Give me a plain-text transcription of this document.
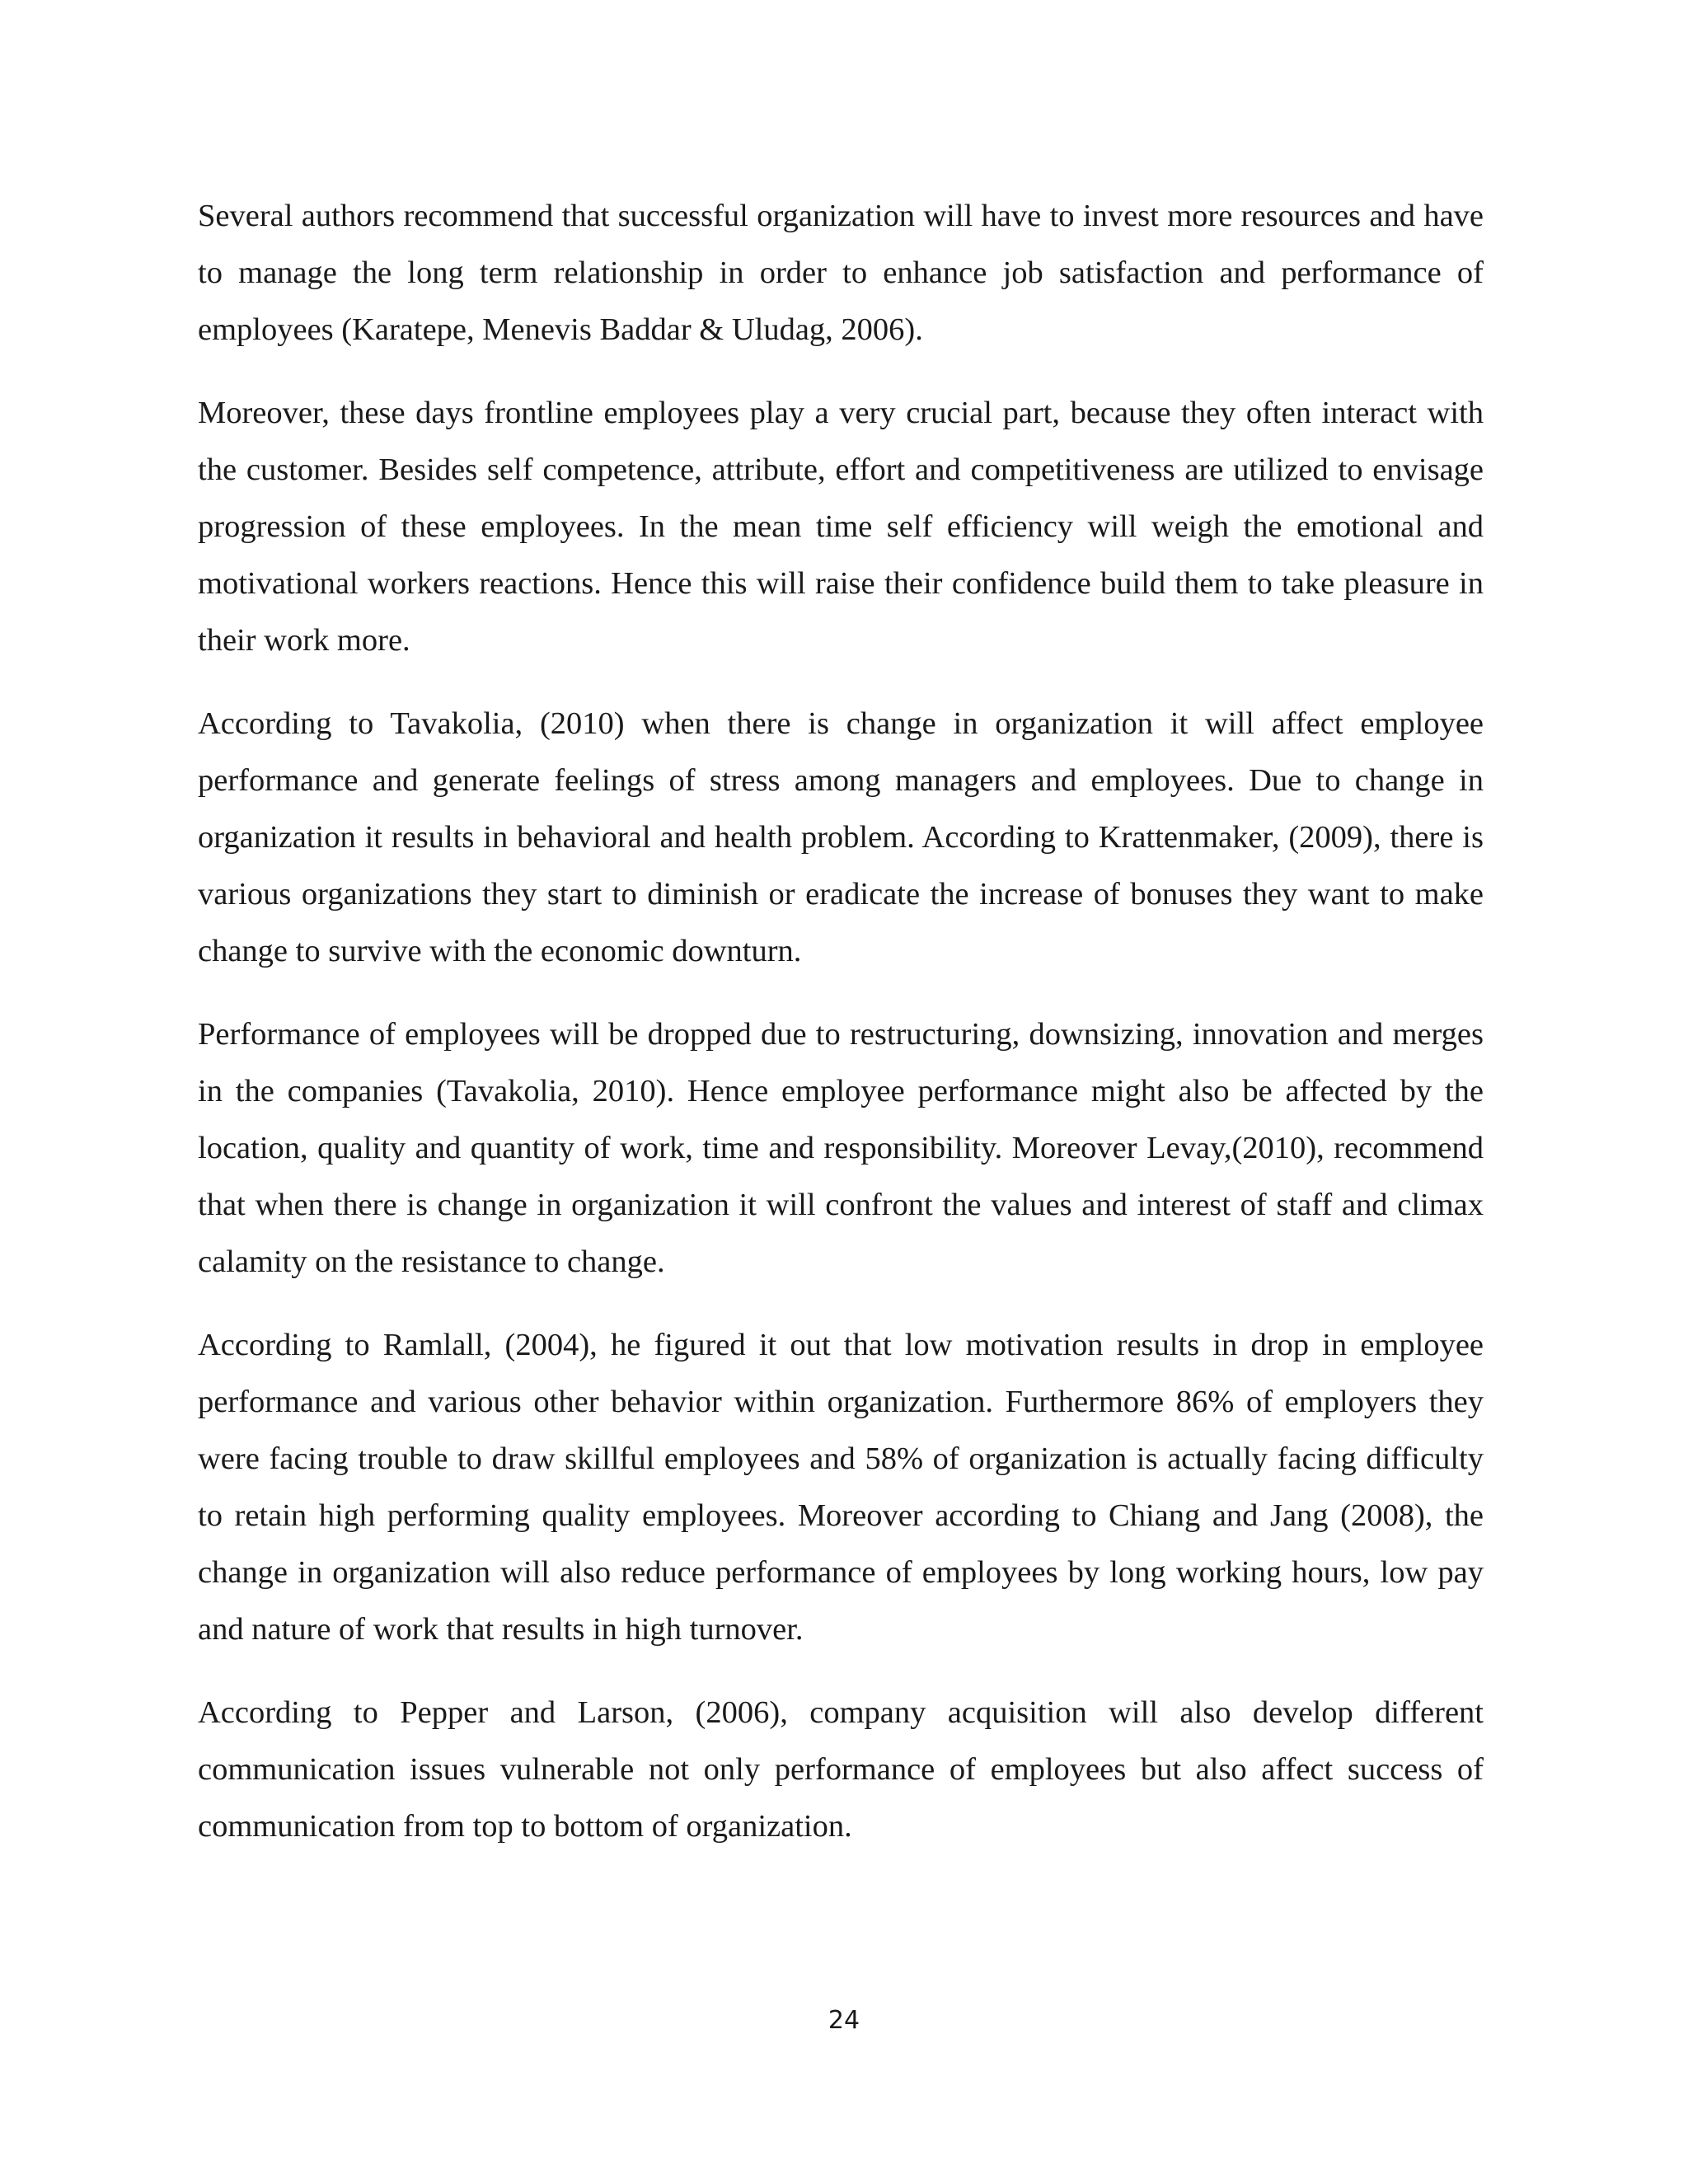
Several authors recommend that successful organization will have to invest more resources and have to manage the long term relationship in order to enhance job satisfaction and performance of employees (Karatepe, Menevis Baddar & Uludag, 2006).

Moreover, these days frontline employees play a very crucial part, because they often interact with the customer. Besides self competence, attribute, effort and competitiveness are utilized to envisage progression of these employees. In the mean time self efficiency will weigh the emotional and motivational workers reactions. Hence this will raise their confidence build them to take pleasure in their work more.

According to Tavakolia, (2010) when there is change in organization it will affect employee performance and generate feelings of stress among managers and employees. Due to change in organization it results in behavioral and health problem. According to Krattenmaker, (2009), there is various organizations they start to diminish or eradicate the increase of bonuses they want to make change to survive with the economic downturn.

Performance of employees will be dropped due to restructuring, downsizing, innovation and merges in the companies (Tavakolia, 2010). Hence employee performance might also be affected by the location, quality and quantity of work, time and responsibility. Moreover Levay,(2010), recommend that when there is change in organization it will confront the values and interest of staff and climax calamity on the resistance to change.

According to Ramlall, (2004), he figured it out that low motivation results in drop in employee performance and various other behavior within organization. Furthermore 86% of employers they were facing trouble to draw skillful employees and 58% of organization is actually facing difficulty to retain high performing quality employees. Moreover according to Chiang and Jang (2008), the change in organization will also reduce performance of employees by long working hours, low pay and nature of work that results in high turnover.

According to Pepper and Larson, (2006), company acquisition will also develop different communication issues vulnerable not only performance of employees but also affect success of communication from top to bottom of organization.

24
